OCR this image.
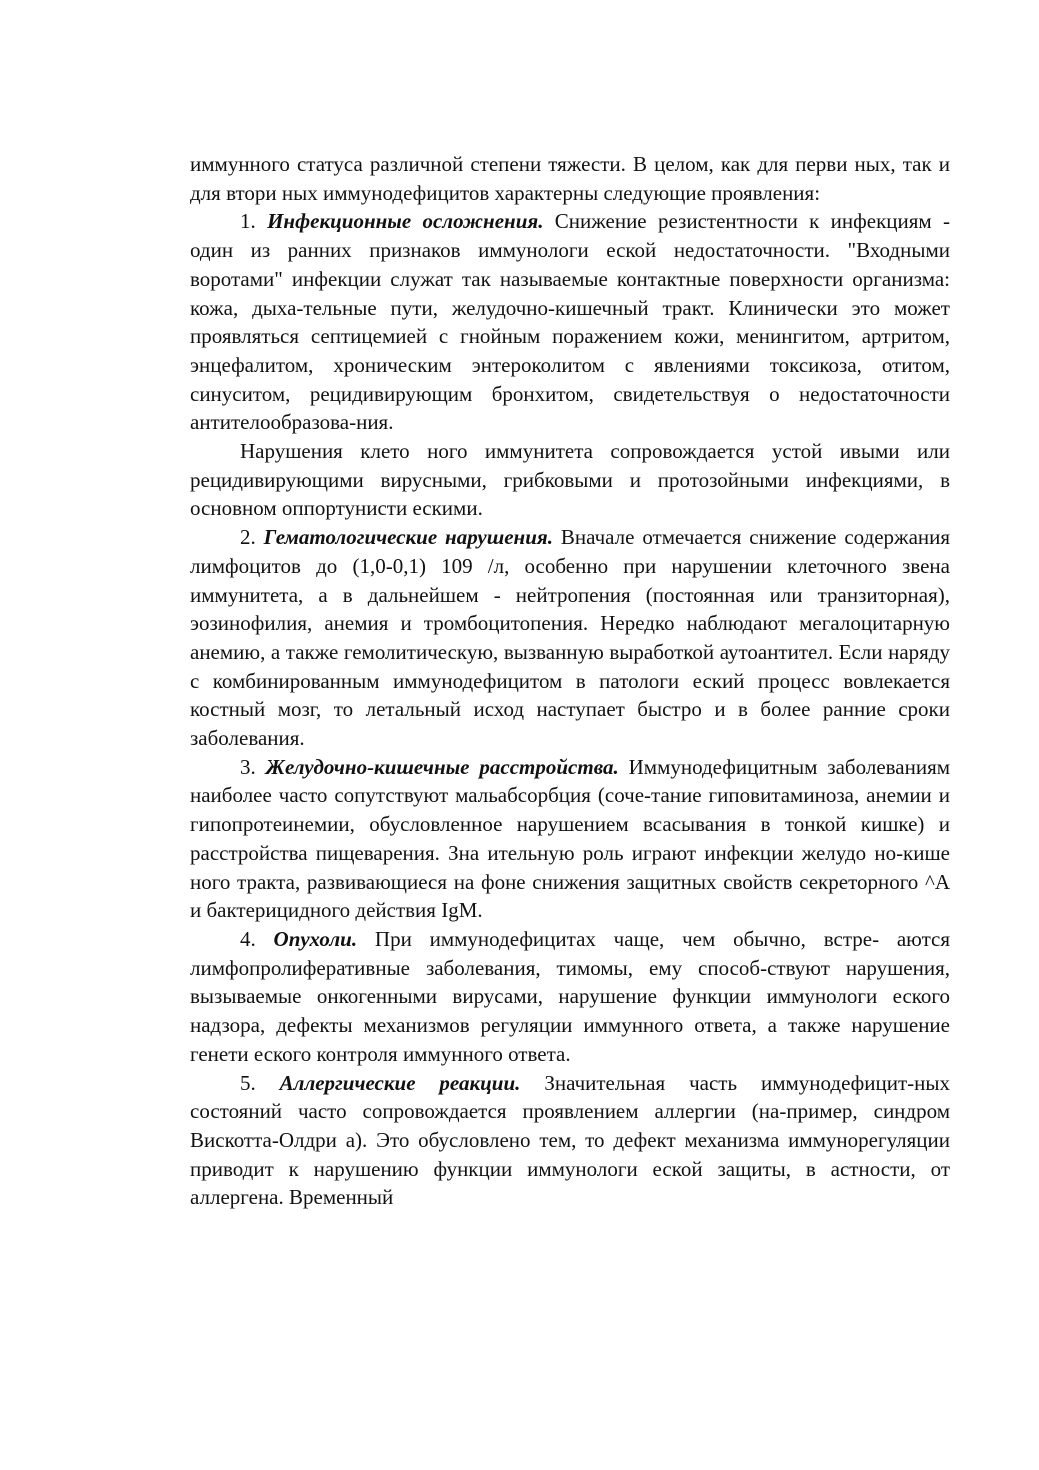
иммунного статуса различной степени тяжести. В целом, как для перви ных, так и для втори ных иммунодефицитов характерны следующие проявления:

1. Инфекционные осложнения. Снижение резистентности к инфекциям - один из ранних признаков иммунологи еской недостаточности. "Входными воротами" инфекции служат так называемые контактные поверхности организма: кожа, дыха-тельные пути, желудочно-кишечный тракт. Клинически это может проявляться септицемией с гнойным поражением кожи, менингитом, артритом, энцефалитом, хроническим энтероколитом с явлениями токсикоза, отитом, синуситом, рецидивирующим бронхитом, свидетельствуя о недостаточности антителообразова-ния.

Нарушения клето ного иммунитета сопровождается устой ивыми или рецидивирующими вирусными, грибковыми и протозойными инфекциями, в основном оппортунисти ескими.

2. Гематологические нарушения. Вначале отмечается снижение содержания лимфоцитов до (1,0-0,1) 109 /л, особенно при нарушении клеточного звена иммунитета, а в дальнейшем - нейтропения (постоянная или транзиторная), эозинофилия, анемия и тромбоцитопения. Нередко наблюдают мегалоцитарную анемию, а также гемолитическую, вызванную выработкой аутоантител. Если наряду с комбинированным иммунодефицитом в патологи еский процесс вовлекается костный мозг, то летальный исход наступает быстро и в более ранние сроки заболевания.

3. Желудочно-кишечные расстройства. Иммунодефицитным заболеваниям наиболее часто сопутствуют мальабсорбция (соче-тание гиповитаминоза, анемии и гипопротеинемии, обусловленное нарушением всасывания в тонкой кишке) и расстройства пищеварения. Зна ительную роль играют инфекции желудо но-кише ного тракта, развивающиеся на фоне снижения защитных свойств секреторного ^A и бактерицидного действия IgM.

4. Опухоли. При иммунодефицитах чаще, чем обычно, встре- аются лимфопролиферативные заболевания, тимомы, ему способ-ствуют нарушения, вызываемые онкогенными вирусами, нарушение функции иммунологи еского надзора, дефекты механизмов регуляции иммунного ответа, а также нарушение генети еского контроля иммунного ответа.

5. Аллергические реакции. Значительная часть иммунодефицит-ных состояний часто сопровождается проявлением аллергии (на-пример, синдром Вискотта-Олдри а). Это обусловлено тем, то дефект механизма иммунорегуляции приводит к нарушению функции иммунологи еской защиты, в астности, от аллергена. Временный
